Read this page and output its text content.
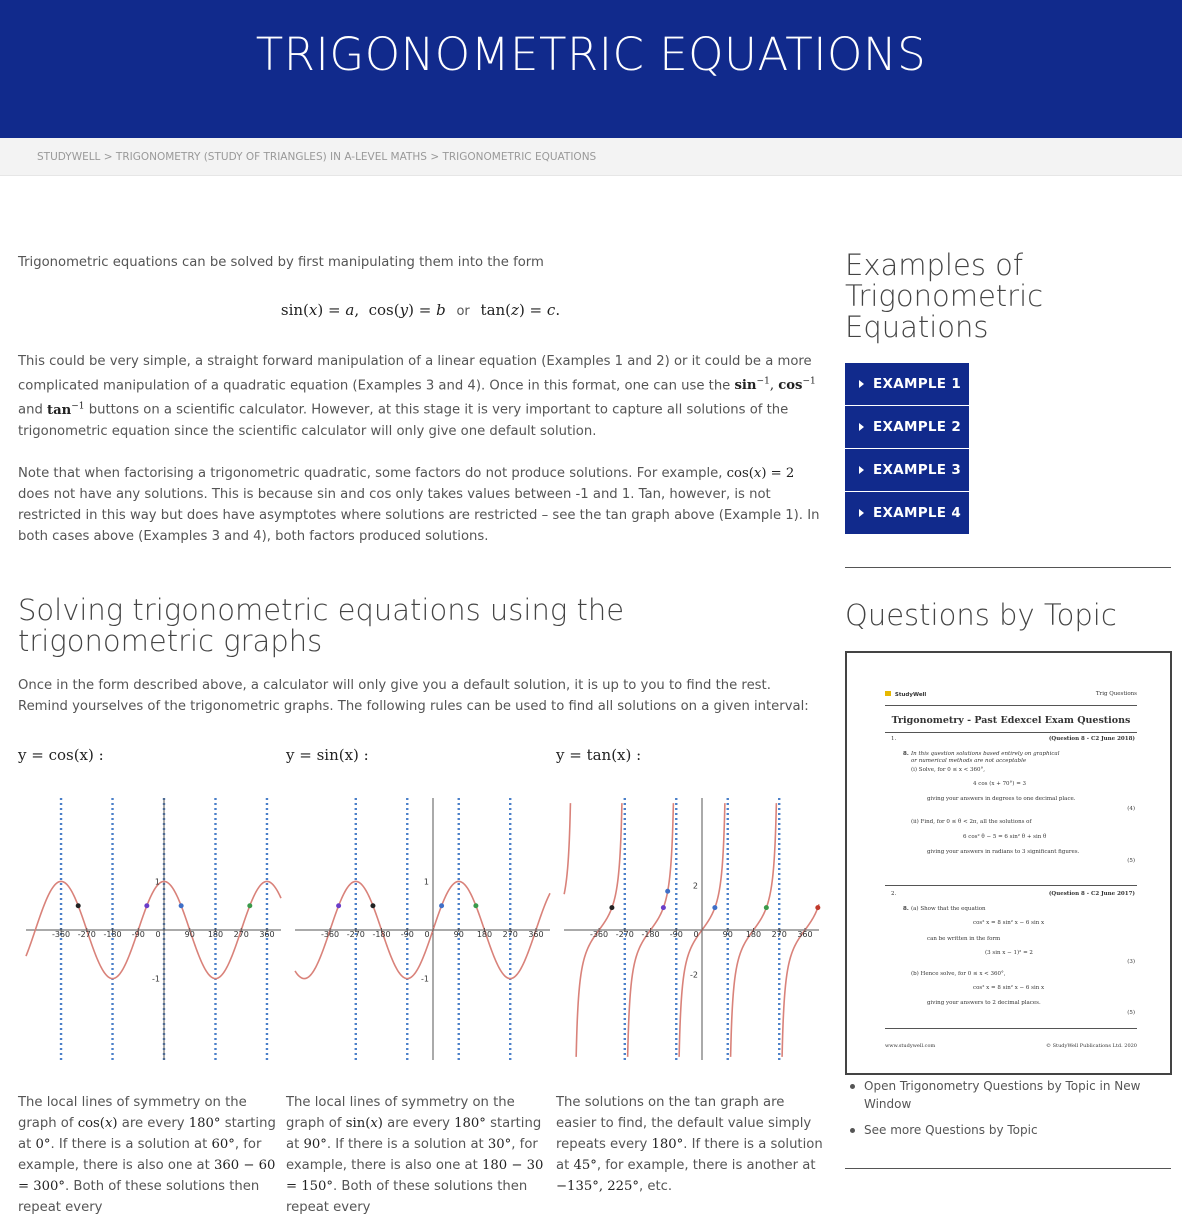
TRIGONOMETRIC EQUATIONS
STUDYWELL > TRIGONOMETRY (STUDY OF TRIANGLES) IN A-LEVEL MATHS > TRIGONOMETRIC EQUATIONS

Trigonometric equations can be solved by first manipulating them into the form

sin(x) = a,  cos(y) = b or tan(z) = c.

This could be very simple, a straight forward manipulation of a linear equation (Examples 1 and 2) or it could be a more complicated manipulation of a quadratic equation (Examples 3 and 4). Once in this format, one can use the $\sin^{-1}$, $\cos^{-1}$ and $\tan^{-1}$ buttons on a scientific calculator. However, at this stage it is very important to capture all solutions of the trigonometric equation since the scientific calculator will only give one default solution.

Note that when factorising a trigonometric quadratic, some factors do not produce solutions. For example, cos(x) = 2 does not have any solutions. This is because sin and cos only takes values between -1 and 1. Tan, however, is not restricted in this way but does have asymptotes where solutions are restricted – see the tan graph above (Example 1). In both cases above (Examples 3 and 4), both factors produced solutions.

Solving trigonometric equations using the trigonometric graphs

Once in the form described above, a calculator will only give you a default solution, it is up to you to find the rest. Remind yourselves of the trigonometric graphs. The following rules can be used to find all solutions on a given interval:

y = cos(x) :	y = sin(x) :	y = tan(x) :
-360 -270 -180 -90 0	90 180 270 360
1
-1
-360 -270 -180 -90 0	90 180 270 360
1
-1
-360 -270 -180 -90 0	90 180 270 360
2
-2
The local lines of symmetry on the graph of cos(x) are every 180° starting at 0°. If there is a solution at 60°, for example, there is also one at 360 − 60 = 300°. Both of these solutions then repeat every
The local lines of symmetry on the graph of sin(x) are every 180° starting at 90°. If there is a solution at 30°, for example, there is also one at 180 − 30 = 150°. Both of these solutions then repeat every
The solutions on the tan graph are easier to find, the default value simply repeats every 180°. If there is a solution at 45°, for example, there is another at −135°, 225°, etc.
Examples of Trigonometric Equations
EXAMPLE 1
EXAMPLE 2
EXAMPLE 3
EXAMPLE 4
Questions by Topic
StudyWell	Trig Questions
Trigonometry - Past Edexcel Exam Questions
1.	(Question 8 - C2 June 2018)
8. In this question solutions based entirely on graphical or numerical methods are not acceptable
(i) Solve, for 0 ≤ x < 360°,
4 cos (x + 70°) = 3
giving your answers in degrees to one decimal place.
(4)
(ii) Find, for 0 ≤ θ < 2π, all the solutions of
6 cos² θ − 5 = 6 sin² θ + sin θ
giving your answers in radians to 3 significant figures.
(5)
2.	(Question 8 - C2 June 2017)
8. (a) Show that the equation
cos² x = 8 sin² x − 6 sin x
can be written in the form
(3 sin x − 1)² = 2
(3)
(b) Hence solve, for 0 ≤ x < 360°,
cos² x = 8 sin² x − 6 sin x
giving your answers to 2 decimal places.
(5)
www.studywell.com	© StudyWell Publications Ltd. 2020
Open Trigonometry Questions by Topic in New Window
See more Questions by Topic
